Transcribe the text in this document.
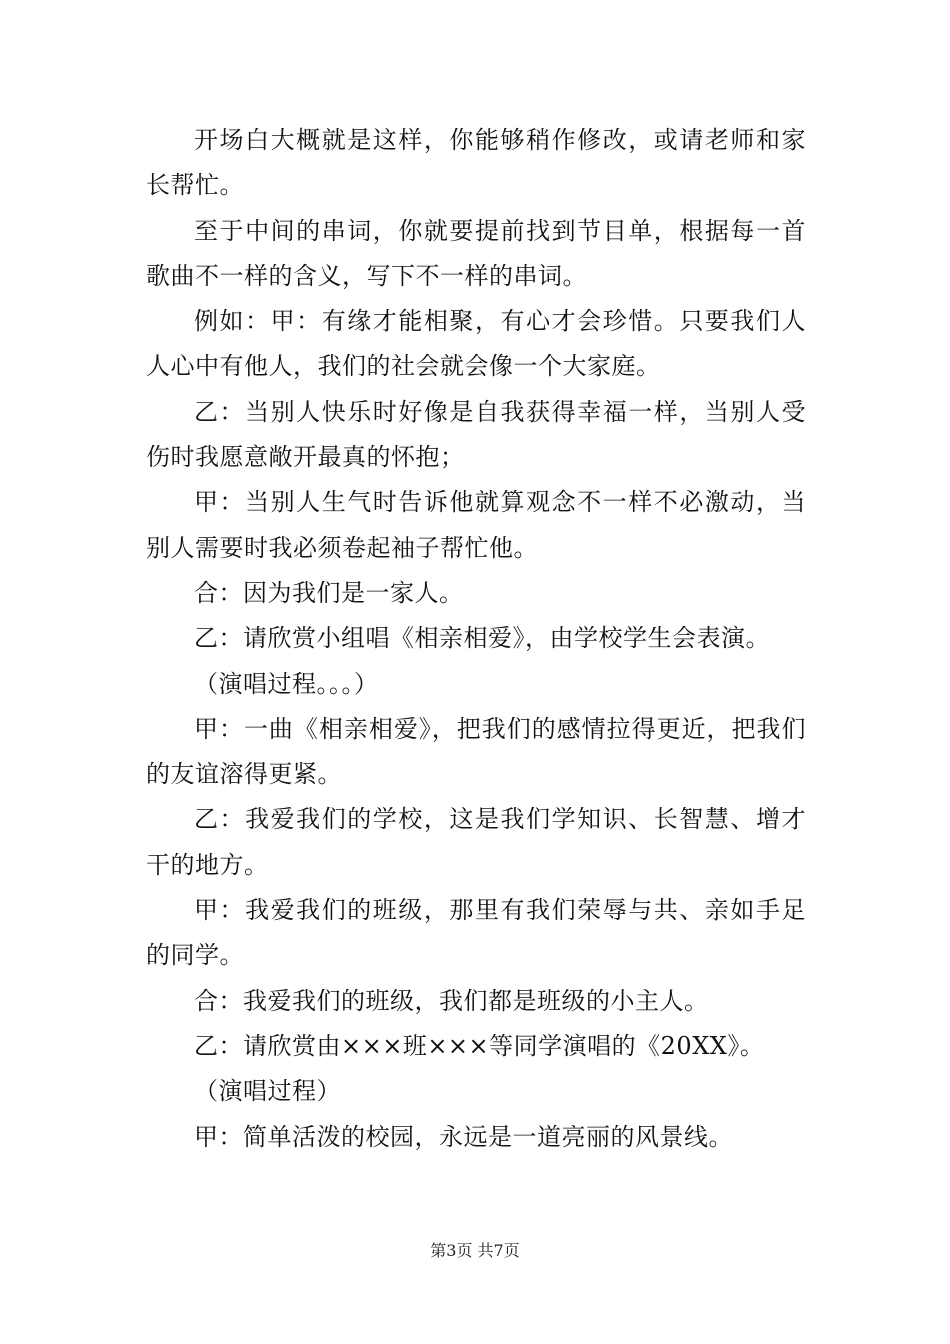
开场白大概就是这样，你能够稍作修改，或请老师和家长帮忙。

至于中间的串词，你就要提前找到节目单，根据每一首歌曲不一样的含义，写下不一样的串词。

例如：甲：有缘才能相聚，有心才会珍惜。只要我们人人心中有他人，我们的社会就会像一个大家庭。

乙：当别人快乐时好像是自我获得幸福一样，当别人受伤时我愿意敞开最真的怀抱；

甲：当别人生气时告诉他就算观念不一样不必激动，当别人需要时我必须卷起袖子帮忙他。

合：因为我们是一家人。

乙：请欣赏小组唱《相亲相爱》，由学校学生会表演。

（演唱过程。。。）

甲：一曲《相亲相爱》，把我们的感情拉得更近，把我们的友谊溶得更紧。

乙：我爱我们的学校，这是我们学知识、长智慧、增才干的地方。

甲：我爱我们的班级，那里有我们荣辱与共、亲如手足的同学。

合：我爱我们的班级，我们都是班级的小主人。

乙：请欣赏由×××班×××等同学演唱的《20XX》。

（演唱过程）

甲：简单活泼的校园，永远是一道亮丽的风景线。

第3页 共7页
